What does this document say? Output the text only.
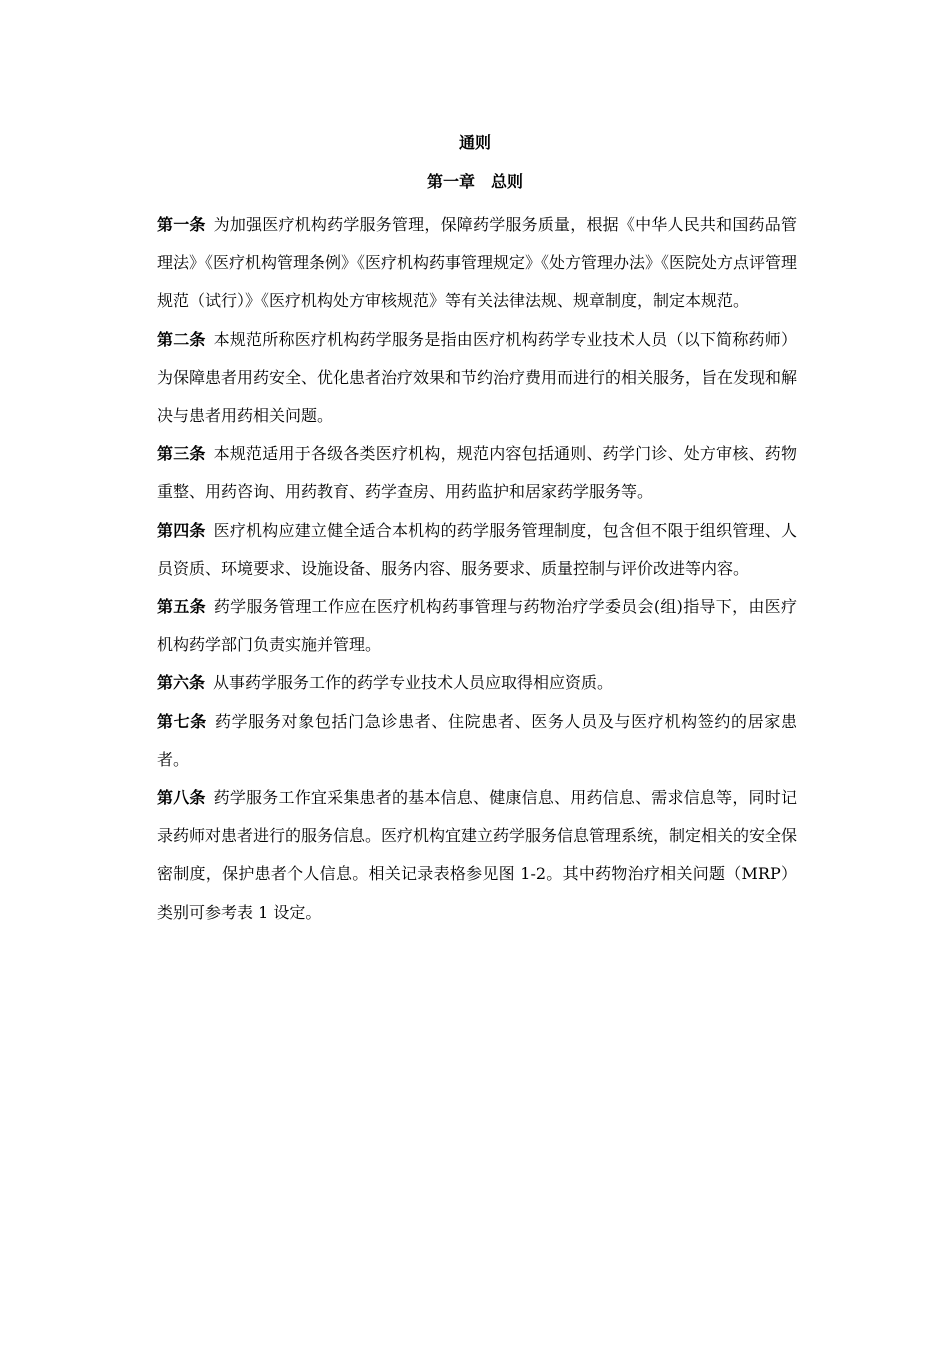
通则
第一章 总则

第一条 为加强医疗机构药学服务管理，保障药学服务质量，根据《中华人民共和国药品管理法》《医疗机构管理条例》《医疗机构药事管理规定》《处方管理办法》《医院处方点评管理规范（试行）》《医疗机构处方审核规范》等有关法律法规、规章制度，制定本规范。

第二条 本规范所称医疗机构药学服务是指由医疗机构药学专业技术人员（以下简称药师）为保障患者用药安全、优化患者治疗效果和节约治疗费用而进行的相关服务，旨在发现和解决与患者用药相关问题。

第三条 本规范适用于各级各类医疗机构，规范内容包括通则、药学门诊、处方审核、药物重整、用药咨询、用药教育、药学查房、用药监护和居家药学服务等。

第四条 医疗机构应建立健全适合本机构的药学服务管理制度，包含但不限于组织管理、人员资质、环境要求、设施设备、服务内容、服务要求、质量控制与评价改进等内容。

第五条 药学服务管理工作应在医疗机构药事管理与药物治疗学委员会(组)指导下，由医疗机构药学部门负责实施并管理。

第六条 从事药学服务工作的药学专业技术人员应取得相应资质。

第七条 药学服务对象包括门急诊患者、住院患者、医务人员及与医疗机构签约的居家患者。

第八条 药学服务工作宜采集患者的基本信息、健康信息、用药信息、需求信息等，同时记录药师对患者进行的服务信息。医疗机构宜建立药学服务信息管理系统，制定相关的安全保密制度，保护患者个人信息。相关记录表格参见图 1-2。其中药物治疗相关问题（MRP）类别可参考表 1 设定。
